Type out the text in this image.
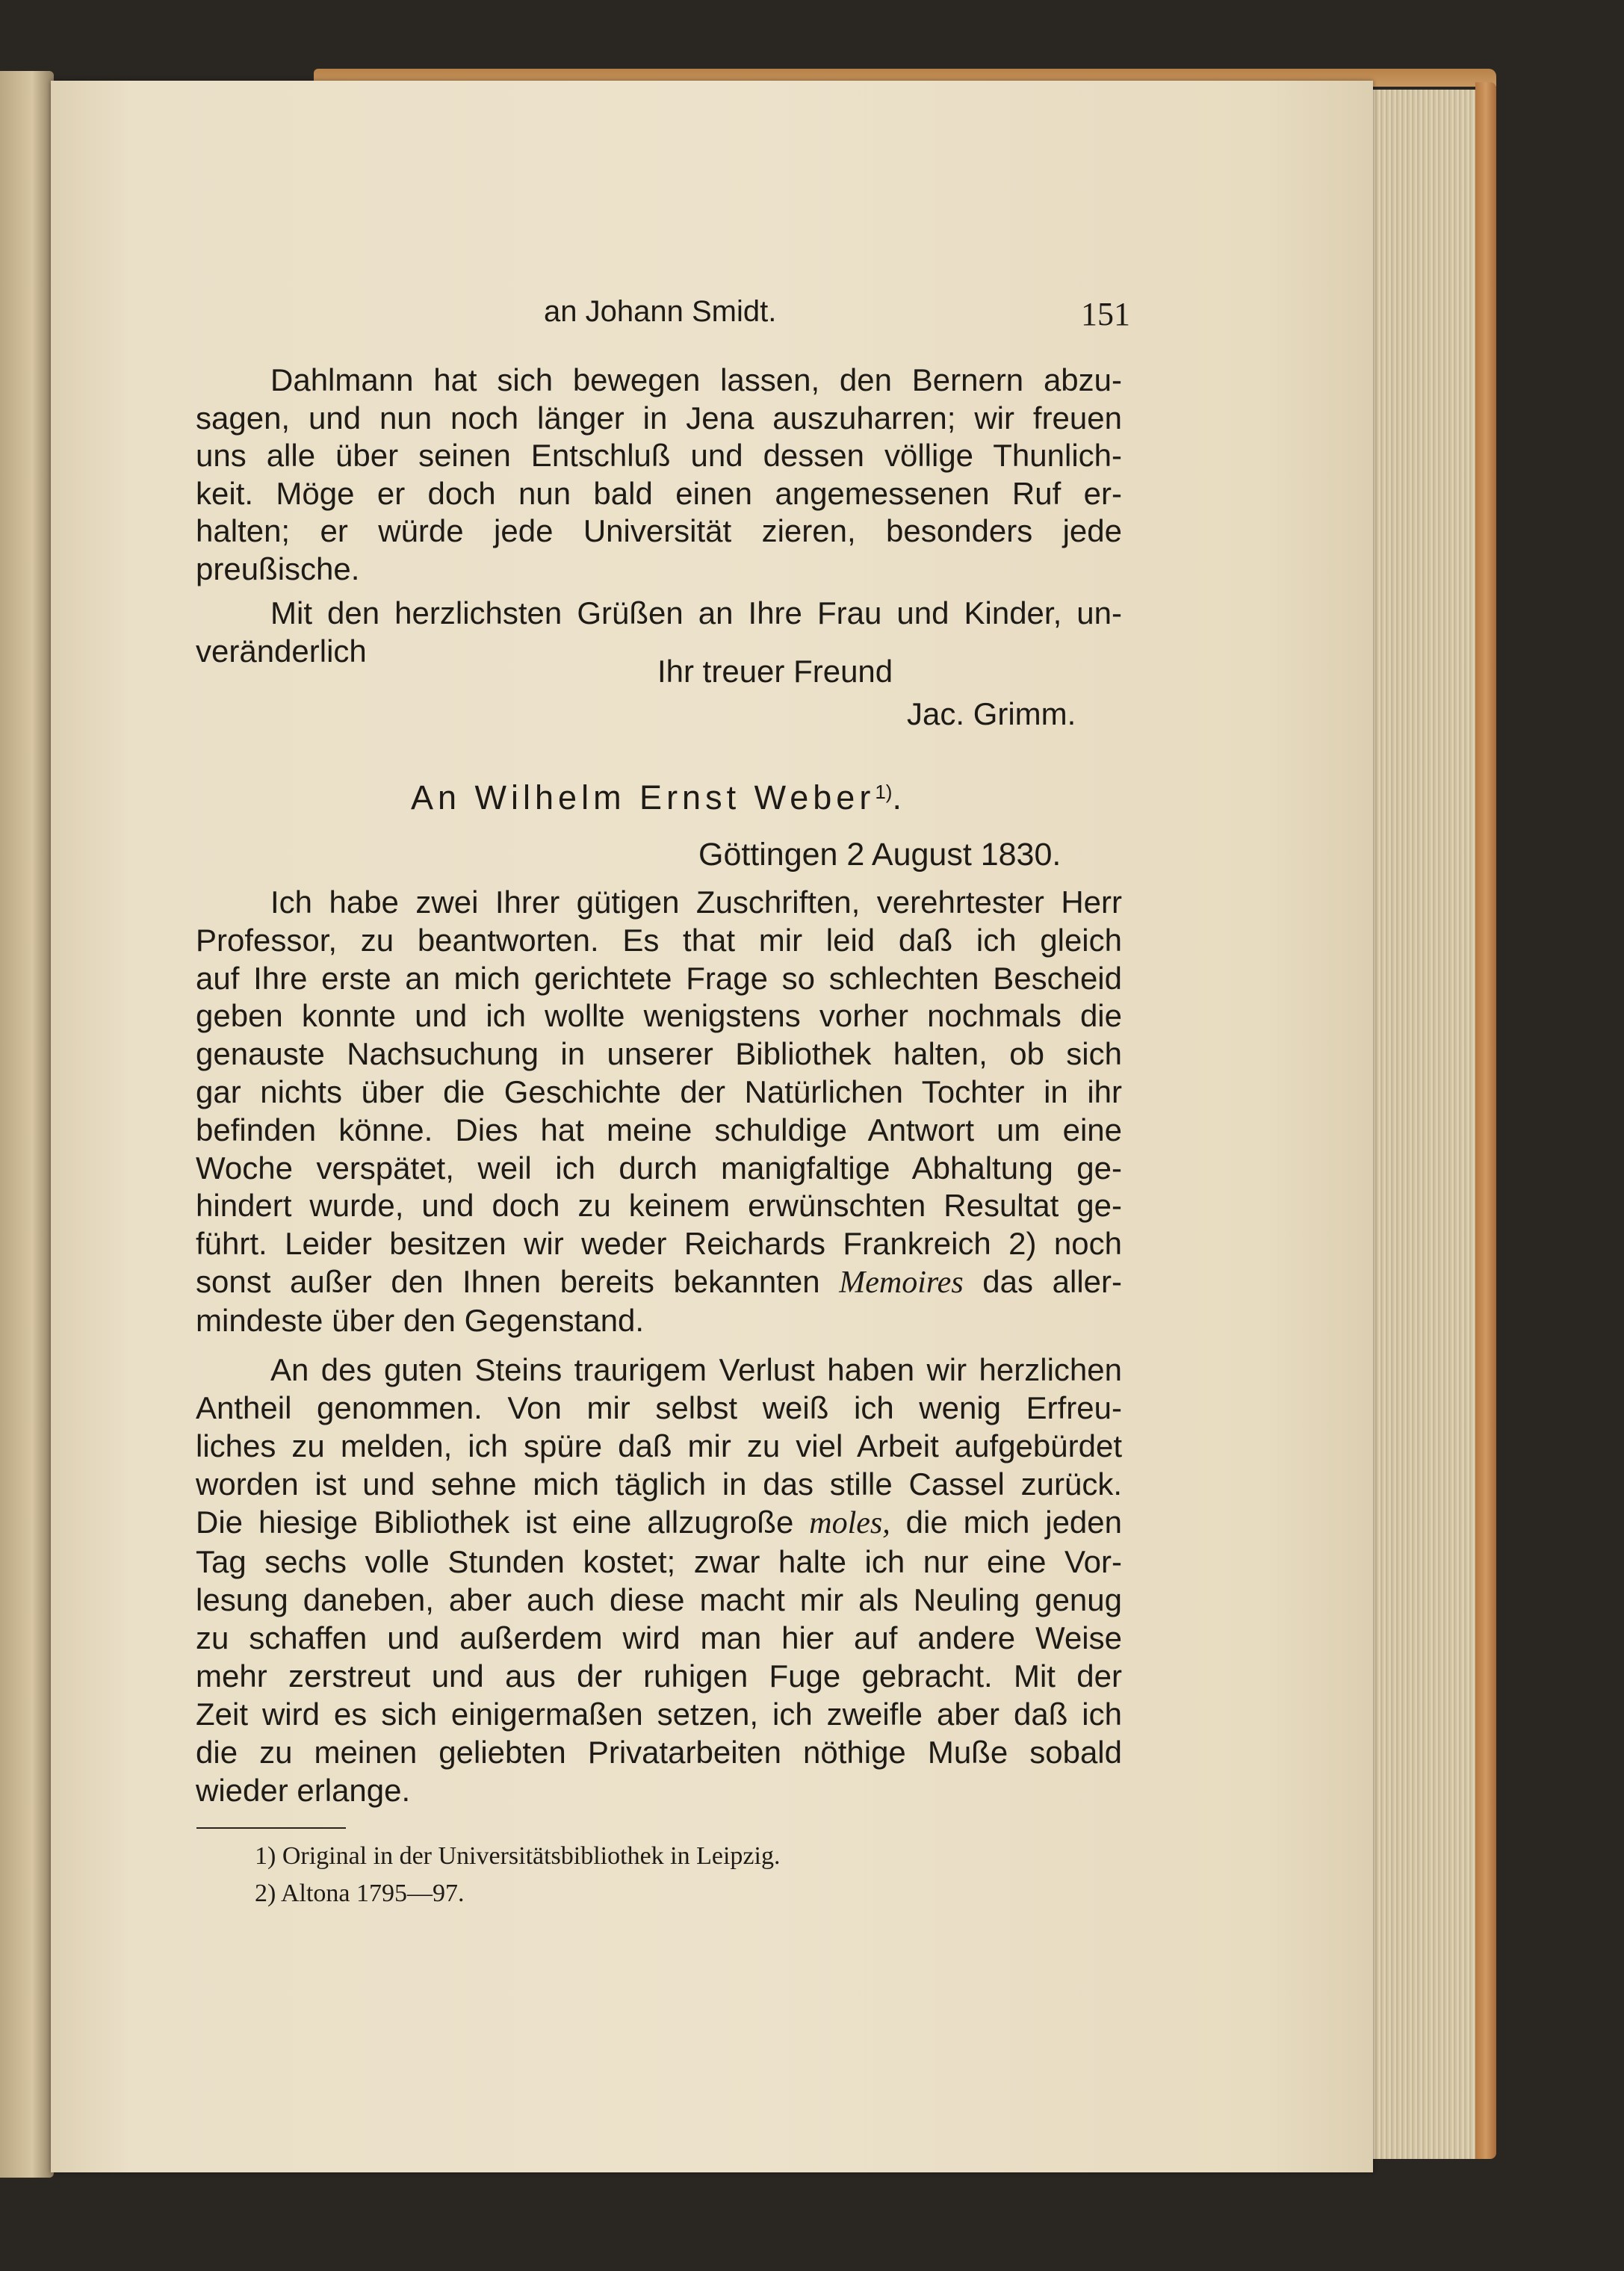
an Johann Smidt.	151
Dahlmann hat sich bewegen lassen, den Bernern abzu-
sagen, und nun noch länger in Jena auszuharren; wir freuen
uns alle über seinen Entschluß und dessen völlige Thunlich-
keit. Möge er doch nun bald einen angemessenen Ruf er-
halten; er würde jede Universität zieren, besonders jede
preußische.
Mit den herzlichsten Grüßen an Ihre Frau und Kinder, un-
veränderlich
Ihr treuer Freund
Jac. Grimm.
An Wilhelm Ernst Weber$^{1)}$.
Göttingen 2 August 1830.
Ich habe zwei Ihrer gütigen Zuschriften, verehrtester Herr
Professor, zu beantworten. Es that mir leid daß ich gleich
auf Ihre erste an mich gerichtete Frage so schlechten Bescheid
geben konnte und ich wollte wenigstens vorher nochmals die
genauste Nachsuchung in unserer Bibliothek halten, ob sich
gar nichts über die Geschichte der Natürlichen Tochter in ihr
befinden könne. Dies hat meine schuldige Antwort um eine
Woche verspätet, weil ich durch manigfaltige Abhaltung ge-
hindert wurde, und doch zu keinem erwünschten Resultat ge-
führt. Leider besitzen wir weder Reichards Frankreich 2) noch
sonst außer den Ihnen bereits bekannten Memoires das aller-
mindeste über den Gegenstand.
An des guten Steins traurigem Verlust haben wir herzlichen
Antheil genommen. Von mir selbst weiß ich wenig Erfreu-
liches zu melden, ich spüre daß mir zu viel Arbeit aufgebürdet
worden ist und sehne mich täglich in das stille Cassel zurück.
Die hiesige Bibliothek ist eine allzugroße moles, die mich jeden
Tag sechs volle Stunden kostet; zwar halte ich nur eine Vor-
lesung daneben, aber auch diese macht mir als Neuling genug
zu schaffen und außerdem wird man hier auf andere Weise
mehr zerstreut und aus der ruhigen Fuge gebracht. Mit der
Zeit wird es sich einigermaßen setzen, ich zweifle aber daß ich
die zu meinen geliebten Privatarbeiten nöthige Muße sobald
wieder erlange.
1) Original in der Universitätsbibliothek in Leipzig.
2) Altona 1795—97.
